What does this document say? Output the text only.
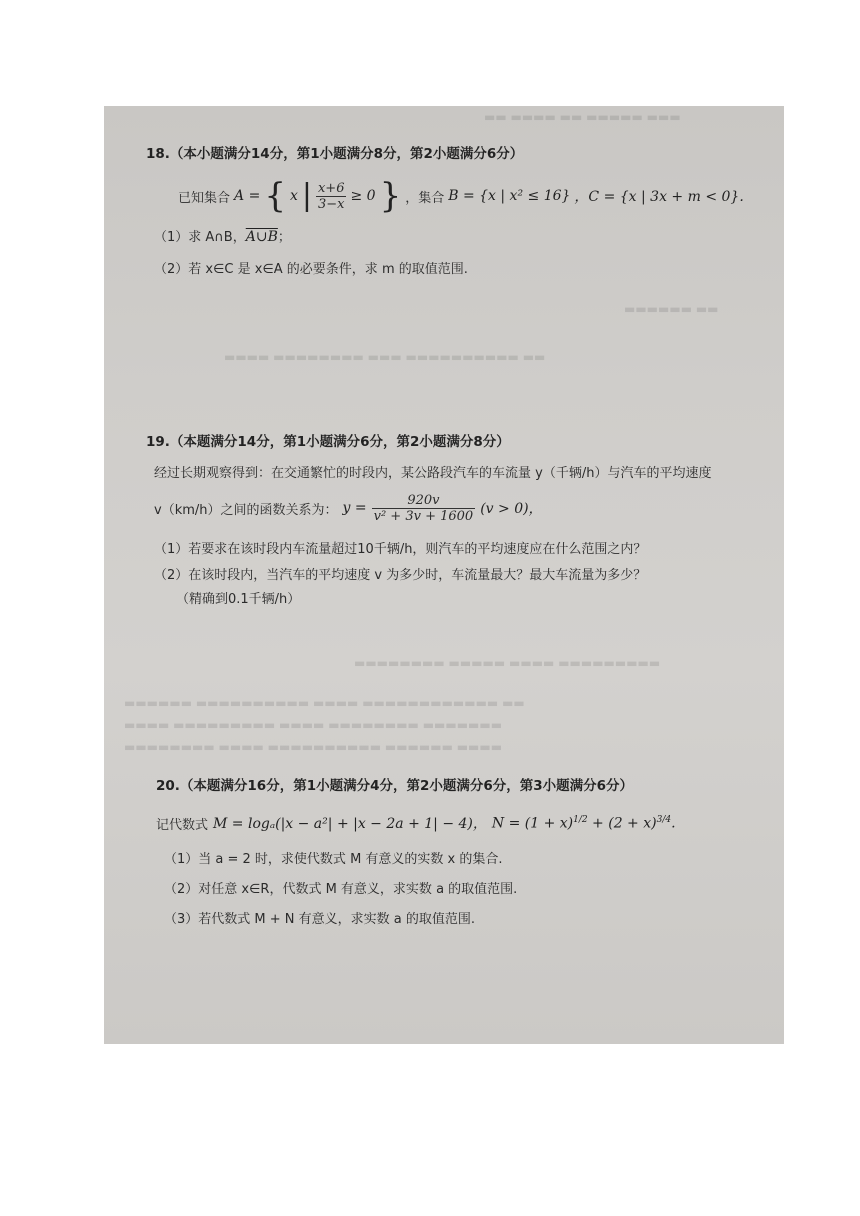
▬▬ ▬▬▬▬ ▬▬ ▬▬▬▬▬ ▬▬▬
▬▬▬▬▬▬ ▬▬
▬▬▬▬ ▬▬▬▬▬▬▬▬ ▬▬▬ ▬▬▬▬▬▬▬▬▬▬ ▬▬
▬▬▬▬▬▬▬▬ ▬▬▬▬▬ ▬▬▬▬ ▬▬▬▬▬▬▬▬▬
▬▬▬▬▬▬ ▬▬▬▬▬▬▬▬▬▬ ▬▬▬▬ ▬▬▬▬▬▬▬▬▬▬▬▬ ▬▬
▬▬▬▬ ▬▬▬▬▬▬▬▬▬ ▬▬▬▬ ▬▬▬▬▬▬▬▬ ▬▬▬▬▬▬▬
▬▬▬▬▬▬▬▬ ▬▬▬▬ ▬▬▬▬▬▬▬▬▬▬ ▬▬▬▬▬▬ ▬▬▬▬
18.（本小题满分14分，第1小题满分8分，第2小题满分6分）
已知集合 A = { x | $\frac{x+6}{3-x} \ge 0$ } ，集合 B = {x | x² ≤ 16} ，C = {x | 3x + m < 0}.
（1）求 A∩B，A∪B；
（2）若 x∈C 是 x∈A 的必要条件，求 m 的取值范围.
19.（本题满分14分，第1小题满分6分，第2小题满分8分）
经过长期观察得到：在交通繁忙的时段内，某公路段汽车的车流量 y（千辆/h）与汽车的平均速度
v（km/h）之间的函数关系为： $y = \frac{920v}{\text{v² + 3v + 1600}} (v > 0)$，
（1）若要求在该时段内车流量超过10千辆/h，则汽车的平均速度应在什么范围之内？
（2）在该时段内，当汽车的平均速度 v 为多少时，车流量最大？最大车流量为多少？
（精确到0.1千辆/h）
20.（本题满分16分，第1小题满分4分，第2小题满分6分，第3小题满分6分）
记代数式 M = logₐ(|x − a²| + |x − 2a + 1| − 4)， $N = (1 + x)^{1/2} + (2 + x)^{3/4}$.
（1）当 a = 2 时，求使代数式 M 有意义的实数 x 的集合.
（2）对任意 x∈R，代数式 M 有意义，求实数 a 的取值范围.
（3）若代数式 M + N 有意义，求实数 a 的取值范围.
